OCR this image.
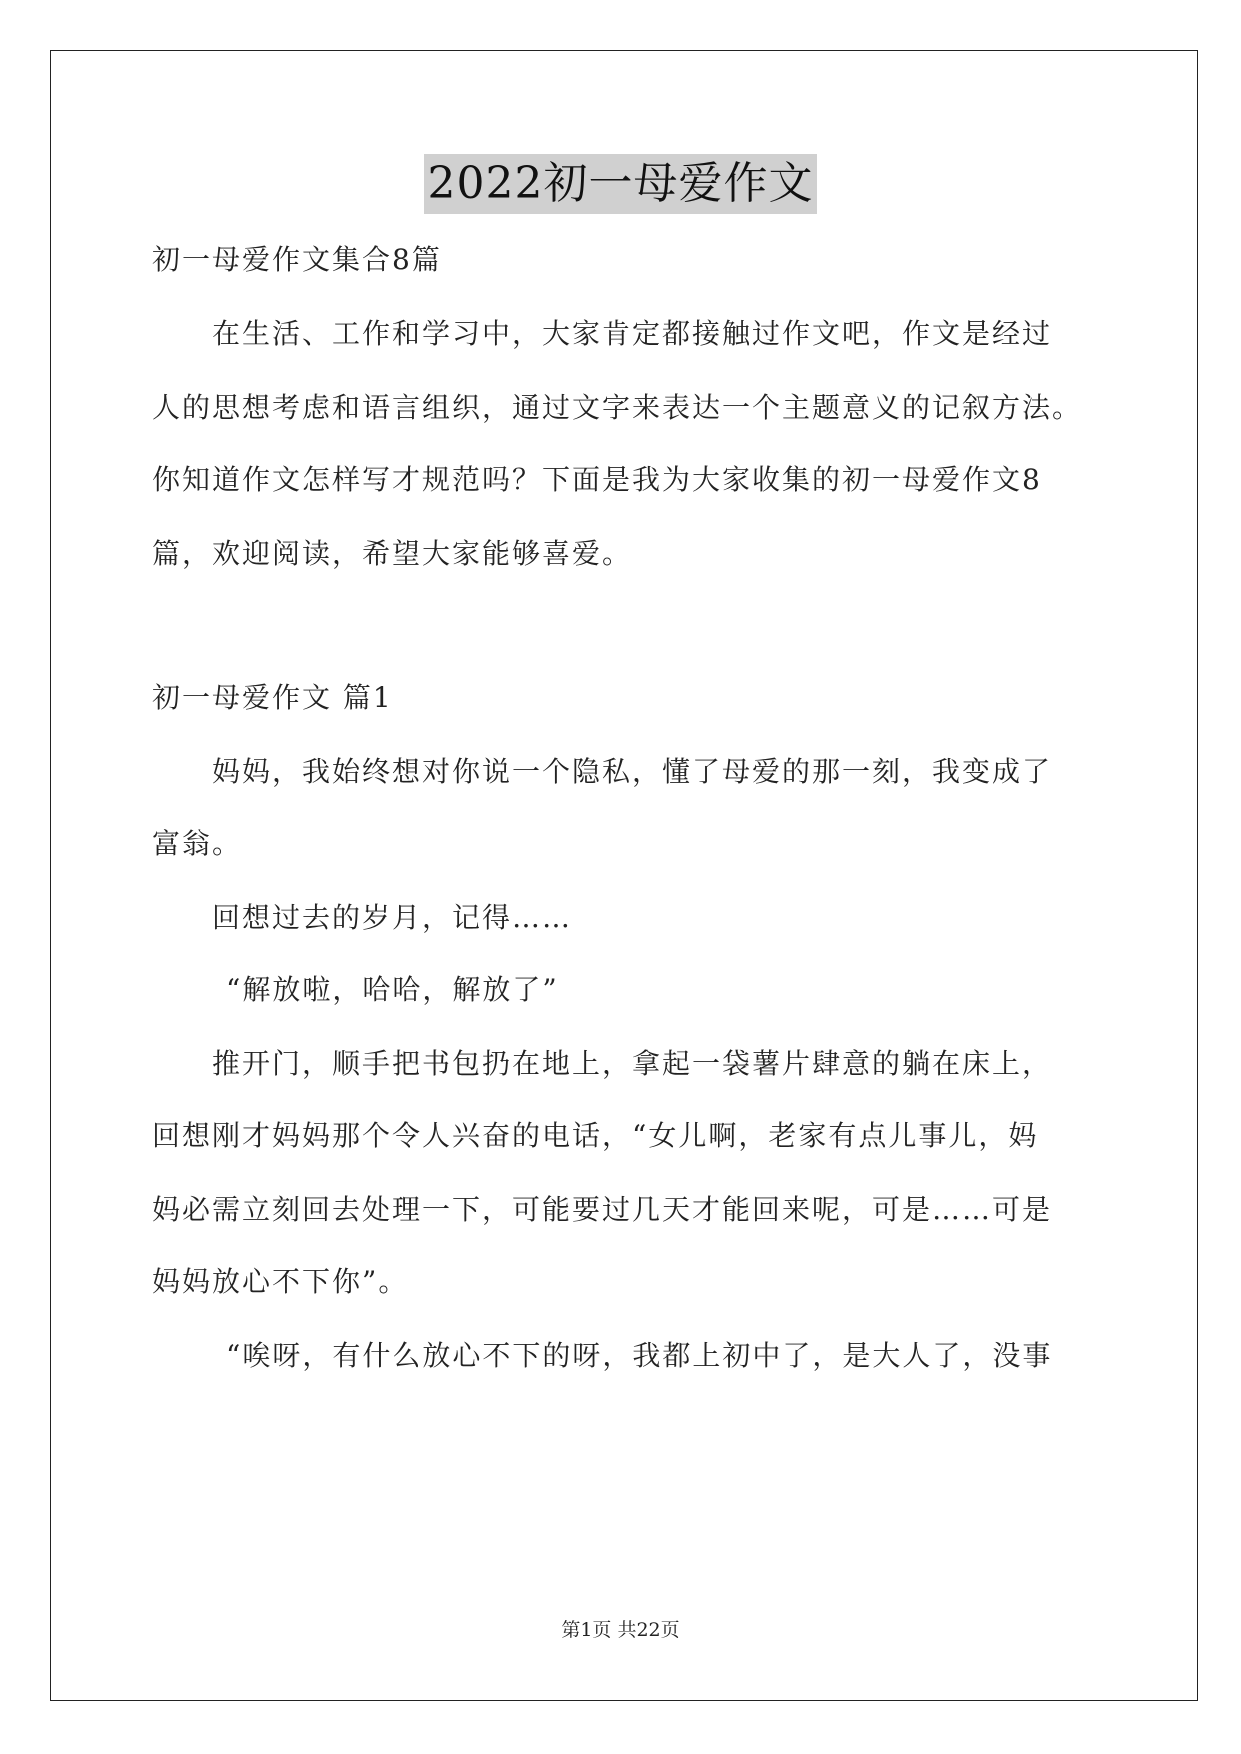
2022初一母爱作文
初一母爱作文集合8篇
在生活、工作和学习中，大家肯定都接触过作文吧，作文是经过
人的思想考虑和语言组织，通过文字来表达一个主题意义的记叙方法。
你知道作文怎样写才规范吗？下面是我为大家收集的初一母爱作文8
篇，欢迎阅读，希望大家能够喜爱。
初一母爱作文 篇1
妈妈，我始终想对你说一个隐私，懂了母爱的那一刻，我变成了
富翁。
回想过去的岁月，记得……
“解放啦，哈哈，解放了”
推开门，顺手把书包扔在地上，拿起一袋薯片肆意的躺在床上，
回想刚才妈妈那个令人兴奋的电话，“女儿啊，老家有点儿事儿，妈
妈必需立刻回去处理一下，可能要过几天才能回来呢，可是……可是
妈妈放心不下你”。
“唉呀，有什么放心不下的呀，我都上初中了，是大人了，没事
第1页 共22页
